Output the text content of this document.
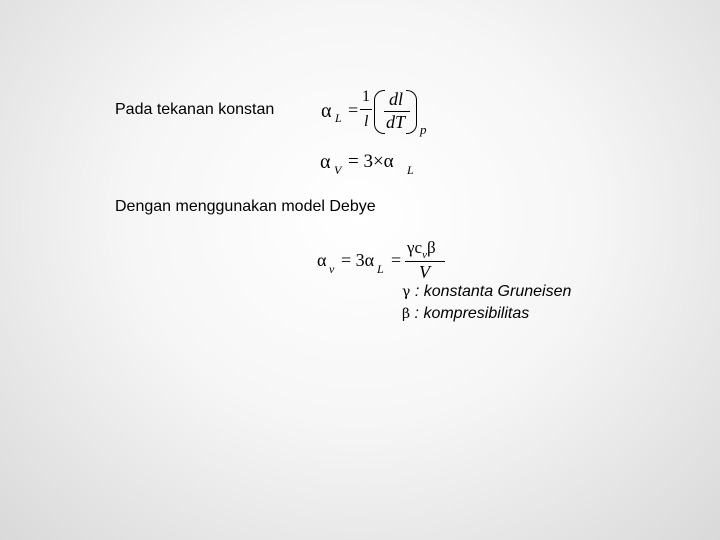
Pada tekanan konstan
Dengan menggunakan model Debye
α L =
1
l
dl
dT p
α V = 3×α L
α v = 3α L =
$\gamma c_v\beta$
V
γ : konstanta Gruneisen
β : kompresibilitas
